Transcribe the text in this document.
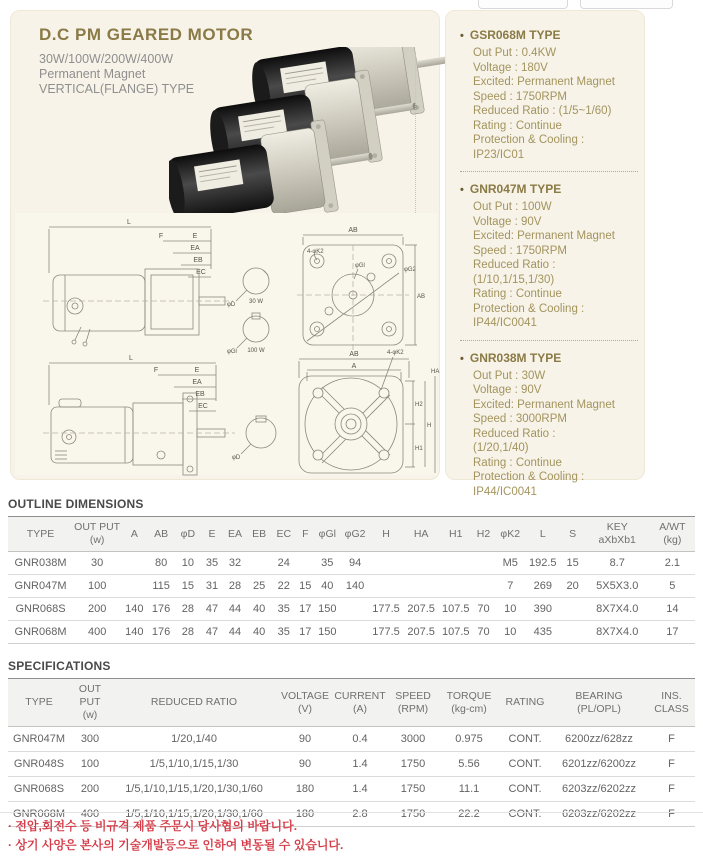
D.C PM GEARED MOTOR
30W/100W/200W/400W
Permanent Magnet
VERTICAL(FLANGE) TYPE
L
F	E
EA
EB
EC
φD 30 W
φGl 100 W
AB
4-φK2
φGl
φG2
AB
L
F	E
EA
EB
EC
φD
AB
A
4-φK2
H2
H1
H
HA
• GSR068M TYPE
Out Put : 0.4KW
Voltage : 180V
Excited: Permanent Magnet
Speed : 1750RPM
Reduced Ratio : (1/5~1/60)
Rating : Continue
Protection & Cooling :
IP23/IC01
• GNR047M TYPE
Out Put : 100W
Voltage : 90V
Excited: Permanent Magnet
Speed : 1750RPM
Reduced Ratio :
(1/10,1/15,1/30)
Rating : Continue
Protection & Cooling :
IP44/IC0041
• GNR038M TYPE
Out Put : 30W
Voltage : 90V
Excited: Permanent Magnet
Speed : 3000RPM
Reduced Ratio :
(1/20,1/40)
Rating : Continue
Protection & Cooling :
IP44/IC0041
OUTLINE DIMENSIONS
TYPE

OUT PUT
(w)

A	AB	φD	E	EA	EB	EC	F	φGl	φG2	H	HA	H1	H2	φK2	L	S

KEY
aXbXb1

A/WT
(kg)

GNR038M	30		80	10	35	32		24		35	94					M5	192.5	15	8.7	2.1
GNR047M	100		115	15	31	28	25	22	15	40	140					7	269	20	5X5X3.0	5
GNR068S	200	140	176	28	47	44	40	35	17	150		177.5	207.5	107.5	70	10	390		8X7X4.0	14
GNR068M	400	140	176	28	47	44	40	35	17	150		177.5	207.5	107.5	70	10	435		8X7X4.0	17
SPECIFICATIONS
TYPE

OUT
PUT
(w)

REDUCED RATIO

VOLTAGE
(V)

CURRENT
(A)

SPEED
(RPM)

TORQUE
(kg-cm)

RATING

BEARING
(PL/OPL)

INS.
CLASS

GNR047M	300	1/20,1/40	90	0.4	3000	0.975	CONT.	6200zz/628zz	F
GNR048S	100	1/5,1/10,1/15,1/30	90	1.4	1750	5.56	CONT.	6201zz/6200zz	F
GNR068S	200	1/5,1/10,1/15,1/20,1/30,1/60	180	1.4	1750	11.1	CONT.	6203zz/6202zz	F
GNR068M	400	1/5,1/10,1/15,1/20,1/30,1/60	180	2.8	1750	22.2	CONT.	6203zz/6202zz	F
· 전압,회전수 등 비규격 제품 주문시 당사협의 바랍니다.
· 상기 사양은 본사의 기술개발등으로 인하여 변동될 수 있습니다.
